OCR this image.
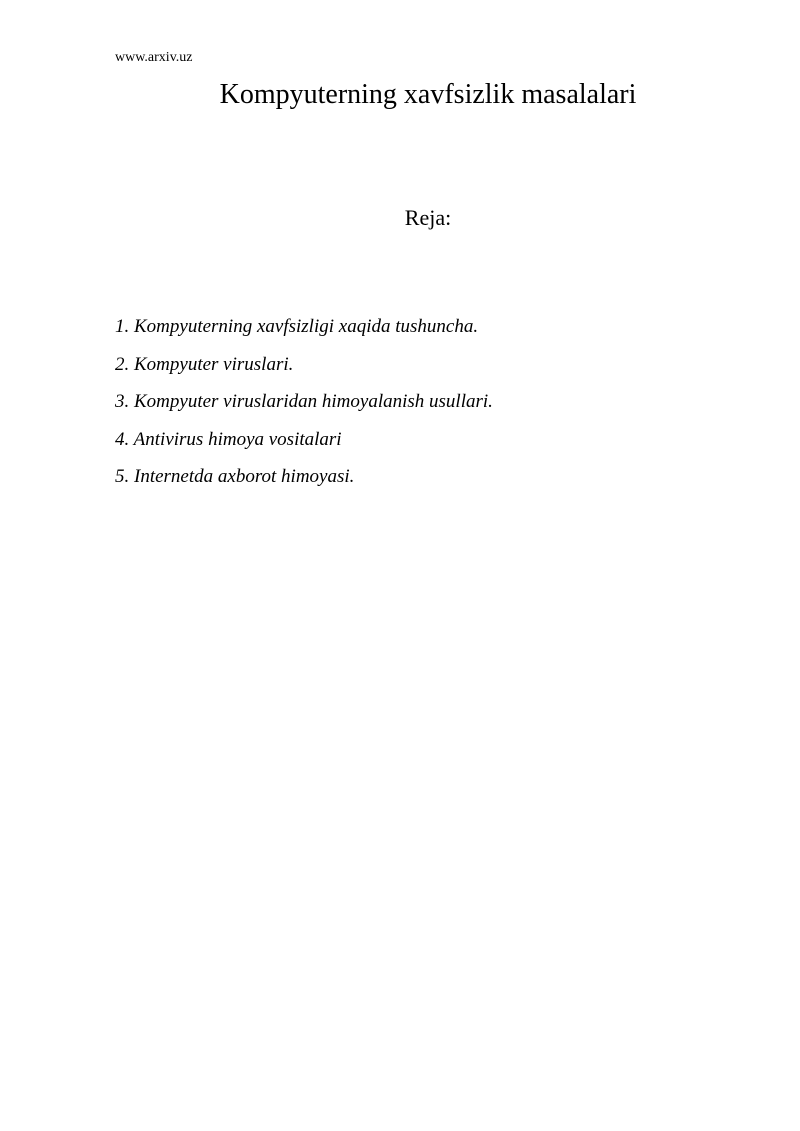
www.arxiv.uz
Kompyuterning xavfsizlik masalalari
Reja:
1. Kompyuterning xavfsizligi xaqida tushuncha.
2. Kompyuter viruslari.
3. Kompyuter viruslaridan himoyalanish usullari.
4. Antivirus himoya vositalari
5. Internetda axborot himoyasi.
